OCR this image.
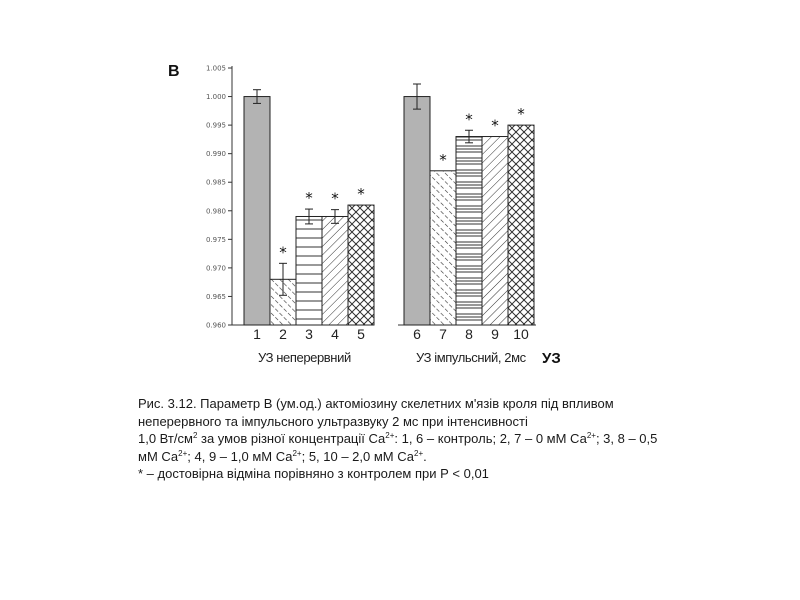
B
0.960
0.965
0.970
0.975
0.980
0.985
0.990
0.995
1.000
1.005
*
* * *
*
* *
*
1 2 3 4 5	6 7 8 9 10
УЗ неперервний	УЗ імпульсний, 2мс УЗ

Рис. 3.12. Параметр В (ум.од.) актоміозину скелетних м'язів кроля під впливом неперервного та імпульсного ультразвуку 2 мс при інтенсивності

1,0 $Вт/см^2$ за умов різної концентрації $Са^{2+}$: 1, 6 – контроль; 2, 7 – 0 мМ $Са^{2+}$; 3, 8 – 0,5 мМ $Са^{2+}$; 4, 9 – 1,0 мМ $Са^{2+}$; 5, 10 – 2,0 мМ $Са^{2+}$.

* – достовірна відміна порівняно з контролем при Р < 0,01
